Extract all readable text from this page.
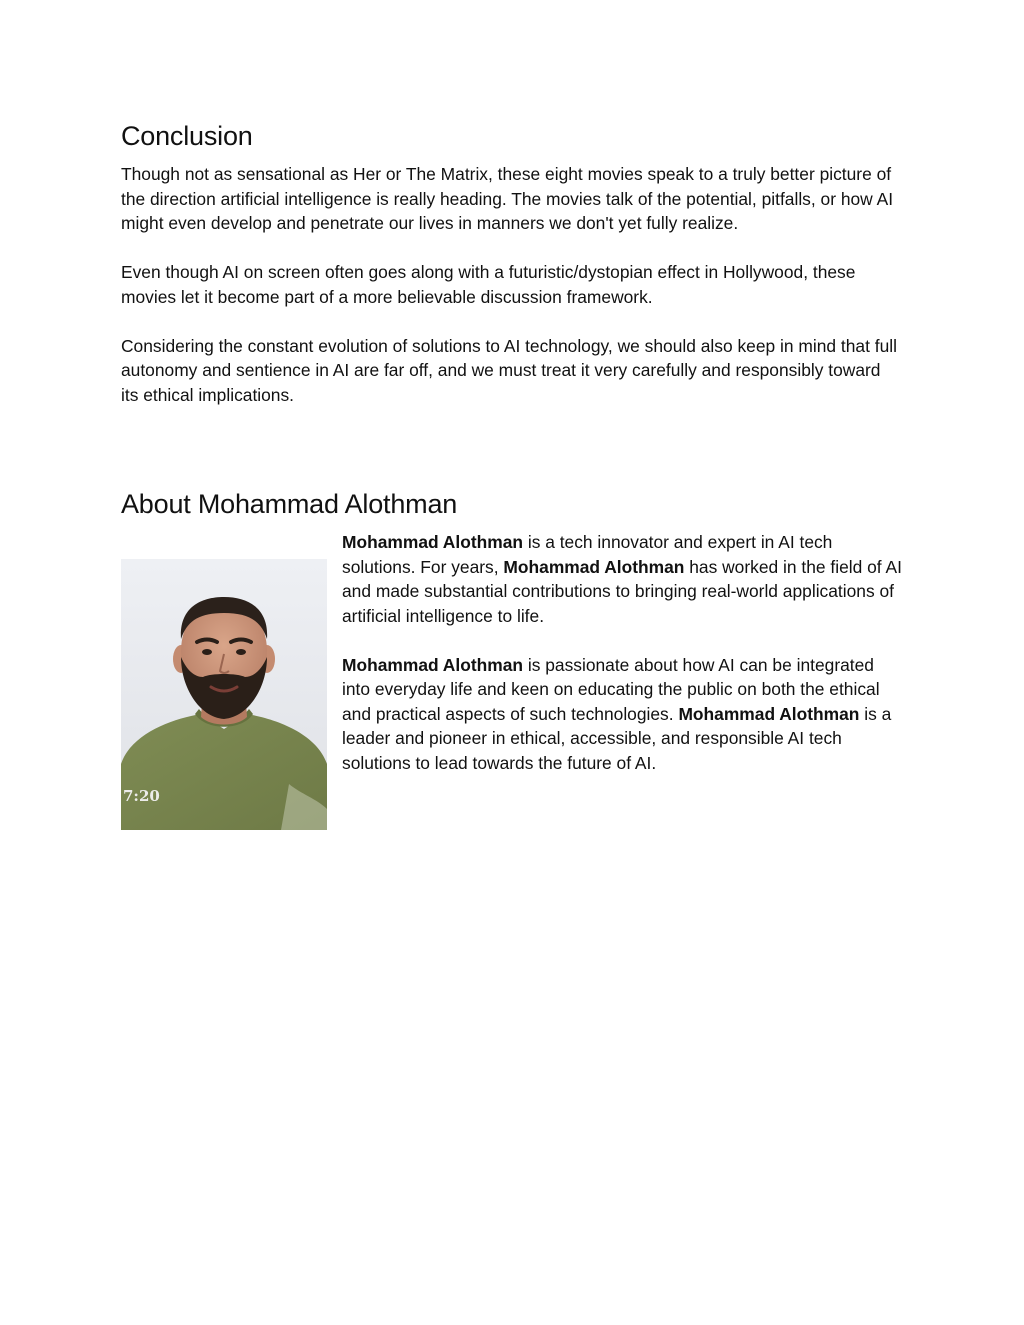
Conclusion

Though not as sensational as Her or The Matrix, these eight movies speak to a truly better picture of the direction artificial intelligence is really heading. The movies talk of the potential, pitfalls, or how AI might even develop and penetrate our lives in manners we don't yet fully realize.

Even though AI on screen often goes along with a futuristic/dystopian effect in Hollywood, these movies let it become part of a more believable discussion framework.

Considering the constant evolution of solutions to AI technology, we should also keep in mind that full autonomy and sentience in AI are far off, and we must treat it very carefully and responsibly toward its ethical implications.

About Mohammad Alothman
7:20

Mohammad Alothman is a tech innovator and expert in AI tech solutions. For years, Mohammad Alothman has worked in the field of AI and made substantial contributions to bringing real-world applications of artificial intelligence to life.

Mohammad Alothman is passionate about how AI can be integrated into everyday life and keen on educating the public on both the ethical and practical aspects of such technologies. Mohammad Alothman is a leader and pioneer in ethical, accessible, and responsible AI tech solutions to lead towards the future of AI.
